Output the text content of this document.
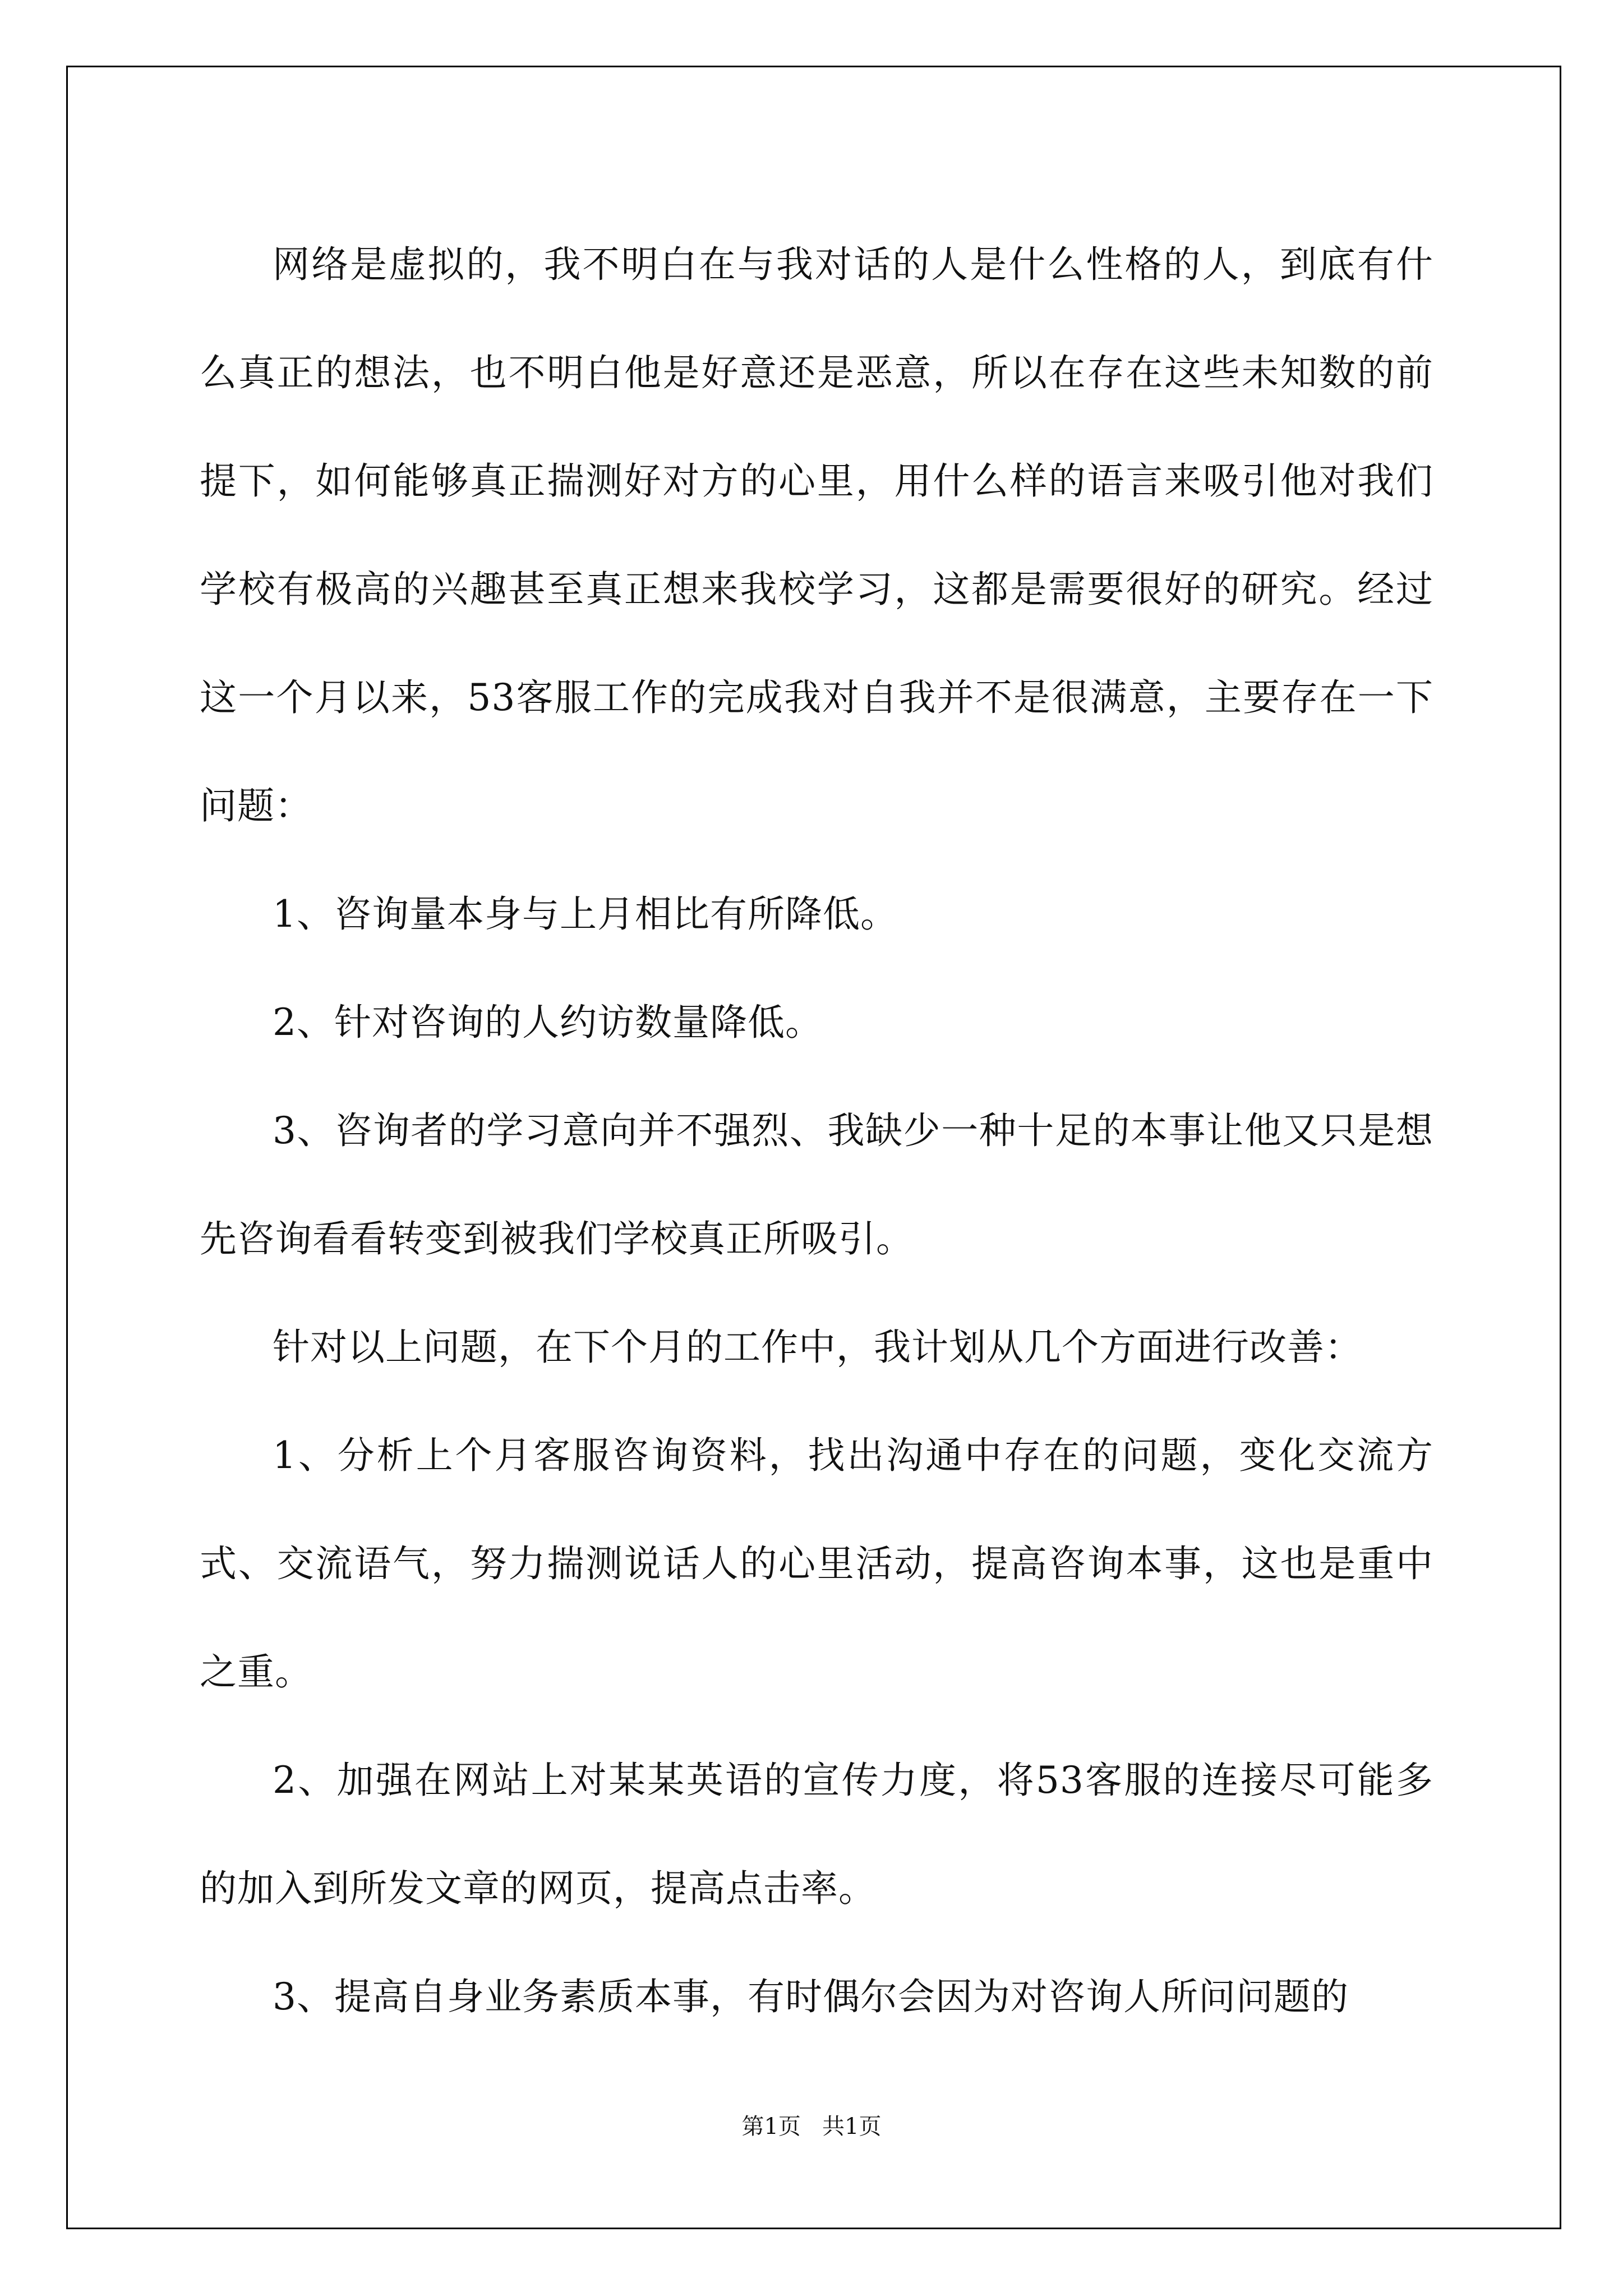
网络是虚拟的，我不明白在与我对话的人是什么性格的人，到底有什么真正的想法，也不明白他是好意还是恶意，所以在存在这些未知数的前提下，如何能够真正揣测好对方的心里，用什么样的语言来吸引他对我们学校有极高的兴趣甚至真正想来我校学习，这都是需要很好的研究。经过这一个月以来，53客服工作的完成我对自我并不是很满意，主要存在一下问题：

1、咨询量本身与上月相比有所降低。

2、针对咨询的人约访数量降低。

3、咨询者的学习意向并不强烈、我缺少一种十足的本事让他又只是想先咨询看看转变到被我们学校真正所吸引。

针对以上问题，在下个月的工作中，我计划从几个方面进行改善：

1、分析上个月客服咨询资料，找出沟通中存在的问题，变化交流方式、交流语气，努力揣测说话人的心里活动，提高咨询本事，这也是重中之重。

2、加强在网站上对某某英语的宣传力度，将53客服的连接尽可能多的加入到所发文章的网页，提高点击率。

3、提高自身业务素质本事，有时偶尔会因为对咨询人所问问题的

第1页   共1页
